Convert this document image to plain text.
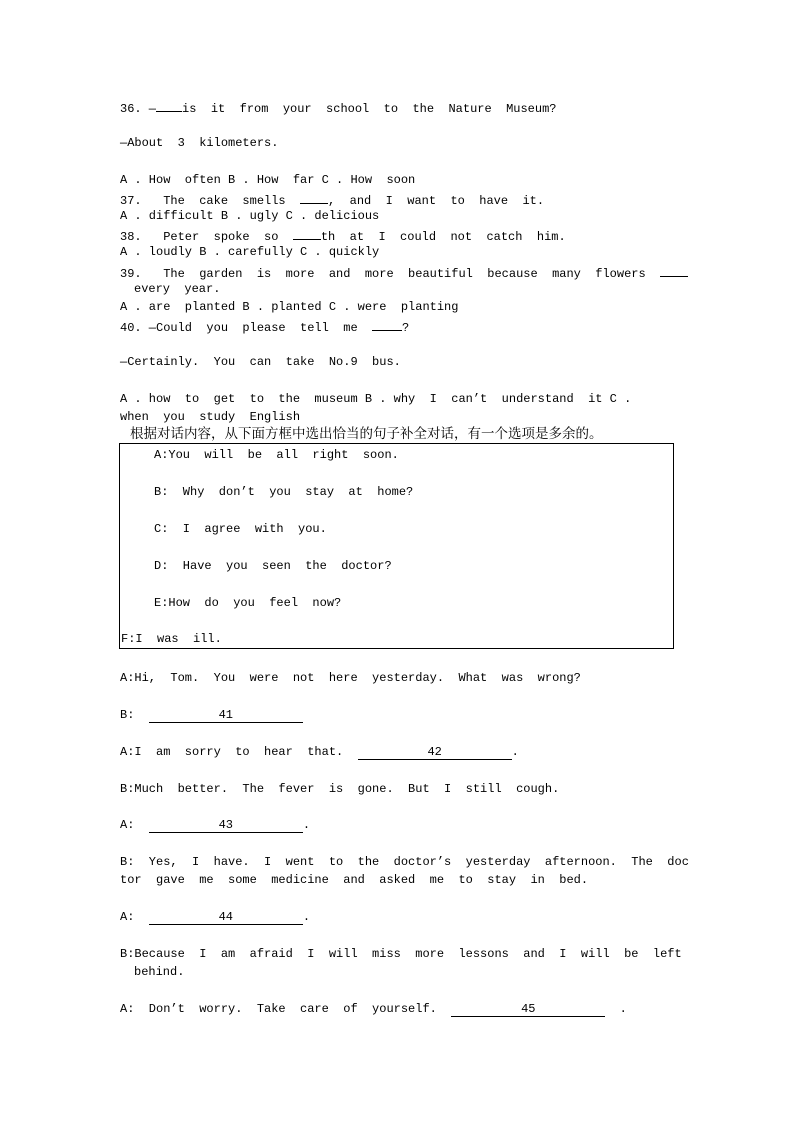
36. — is  it  from  your  school  to  the  Nature  Museum?
—About  3  kilometers.
A . How  often B . How  far C . How  soon
37.   The  cake  smells  ,  and  I  want  to  have  it.
A . difficult B . ugly C . delicious
38.   Peter  spoke  so  th  at  I  could  not  catch  him.
A . loudly B . carefully C . quickly
39.   The  garden  is  more  and  more  beautiful  because  many  flowers
every  year.
A . are  planted B . planted C . were  planting
40. —Could  you  please  tell  me	?
—Certainly.  You  can  take  No.9  bus.
A . how  to  get  to  the  museum B . why  I  can’t  understand  it C .
when  you  study  English
根据对话内容，从下面方框中选出恰当的句子补全对话，有一个选项是多余的。
A:You  will  be  all  right  soon.
B:  Why  don’t  you  stay  at  home?
C:  I  agree  with  you.
D:  Have  you  seen  the  doctor?
E:How  do  you  feel  now?
F:I  was  ill.
A:Hi,  Tom.  You  were  not  here  yesterday.  What  was  wrong?
B:	41
A:I  am  sorry  to  hear  that.	42	.
B:Much  better.  The  fever  is  gone.  But  I  still  cough.
A:	43	.
B:  Yes,  I  have.  I  went  to  the  doctor’s  yesterday  afternoon.  The  doc
tor  gave  me  some  medicine  and  asked  me  to  stay  in  bed.
A:	44	.
B:Because  I  am  afraid  I  will  miss  more  lessons  and  I  will  be  left
behind.
A:  Don’t  worry.  Take  care  of  yourself.	45	.
